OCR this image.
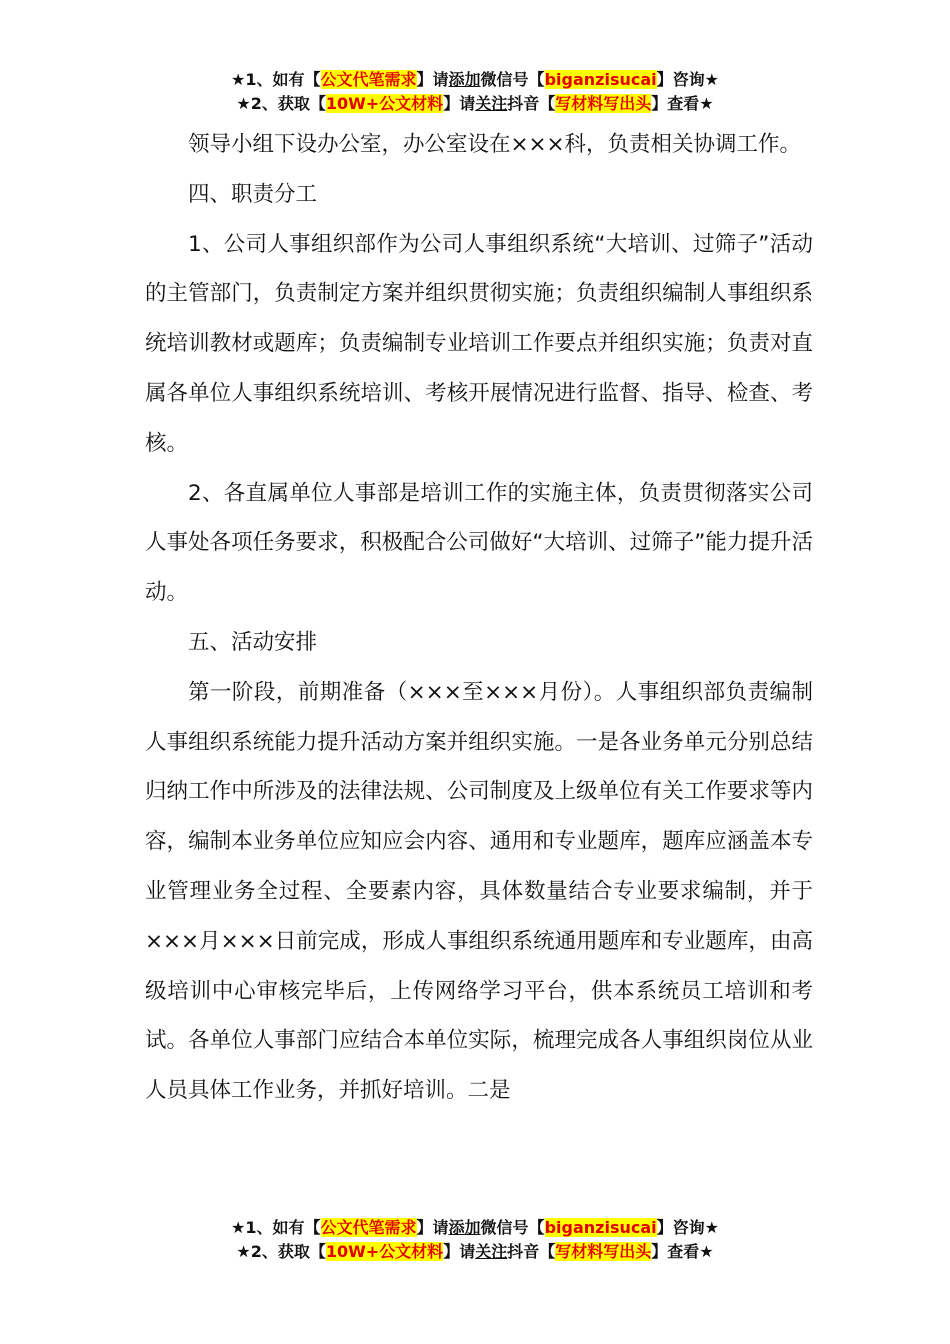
★1、如有【公文代笔需求】请添加微信号【biganzisucai】咨询★
★2、获取【10W+公文材料】请关注抖音【写材料写出头】查看★

领导小组下设办公室，办公室设在×××科，负责相关协调工作。

四、职责分工

1、公司人事组织部作为公司人事组织系统“大培训、过筛子”活动的主管部门，负责制定方案并组织贯彻实施；负责组织编制人事组织系统培训教材或题库；负责编制专业培训工作要点并组织实施；负责对直属各单位人事组织系统培训、考核开展情况进行监督、指导、检查、考核。

2、各直属单位人事部是培训工作的实施主体，负责贯彻落实公司人事处各项任务要求，积极配合公司做好“大培训、过筛子”能力提升活动。

五、活动安排

第一阶段，前期准备（×××至×××月份）。人事组织部负责编制人事组织系统能力提升活动方案并组织实施。一是各业务单元分别总结归纳工作中所涉及的法律法规、公司制度及上级单位有关工作要求等内容，编制本业务单位应知应会内容、通用和专业题库，题库应涵盖本专业管理业务全过程、全要素内容，具体数量结合专业要求编制，并于×××月×××日前完成，形成人事组织系统通用题库和专业题库，由高级培训中心审核完毕后，上传网络学习平台，供本系统员工培训和考试。各单位人事部门应结合本单位实际，梳理完成各人事组织岗位从业人员具体工作业务，并抓好培训。二是

★1、如有【公文代笔需求】请添加微信号【biganzisucai】咨询★
★2、获取【10W+公文材料】请关注抖音【写材料写出头】查看★
